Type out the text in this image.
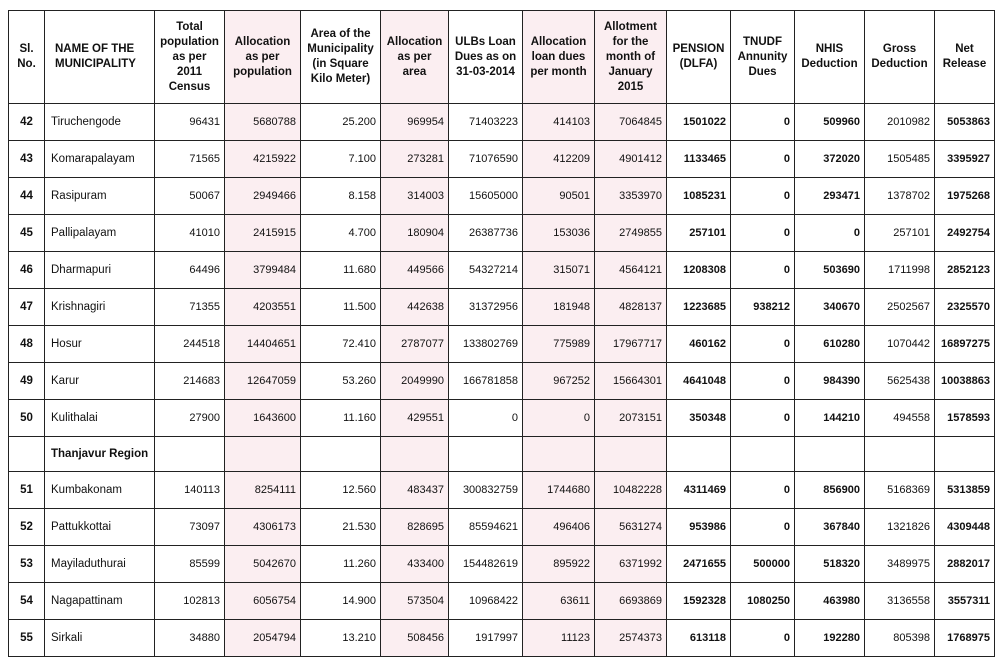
Sl. No.	NAME OF THE MUNICIPALITY	Total population as per 2011 Census	Allocation as per population	Area of the Municipality (in Square Kilo Meter)	Allocation as per area	ULBs Loan Dues as on 31-03-2014	Allocation loan dues per month	Allotment for the month of January 2015	PENSION (DLFA)	TNUDF Annunity Dues	NHIS Deduction	Gross Deduction	Net Release
42	Tiruchengode	96431	5680788	25.200	969954	71403223	414103	7064845	1501022	0	509960	2010982	5053863
43	Komarapalayam	71565	4215922	7.100	273281	71076590	412209	4901412	1133465	0	372020	1505485	3395927
44	Rasipuram	50067	2949466	8.158	314003	15605000	90501	3353970	1085231	0	293471	1378702	1975268
45	Pallipalayam	41010	2415915	4.700	180904	26387736	153036	2749855	257101	0	0	257101	2492754
46	Dharmapuri	64496	3799484	11.680	449566	54327214	315071	4564121	1208308	0	503690	1711998	2852123
47	Krishnagiri	71355	4203551	11.500	442638	31372956	181948	4828137	1223685	938212	340670	2502567	2325570
48	Hosur	244518	14404651	72.410	2787077	133802769	775989	17967717	460162	0	610280	1070442	16897275
49	Karur	214683	12647059	53.260	2049990	166781858	967252	15664301	4641048	0	984390	5625438	10038863
50	Kulithalai	27900	1643600	11.160	429551	0	0	2073151	350348	0	144210	494558	1578593
	Thanjavur Region												
51	Kumbakonam	140113	8254111	12.560	483437	300832759	1744680	10482228	4311469	0	856900	5168369	5313859
52	Pattukkottai	73097	4306173	21.530	828695	85594621	496406	5631274	953986	0	367840	1321826	4309448
53	Mayiladuthurai	85599	5042670	11.260	433400	154482619	895922	6371992	2471655	500000	518320	3489975	2882017
54	Nagapattinam	102813	6056754	14.900	573504	10968422	63611	6693869	1592328	1080250	463980	3136558	3557311
55	Sirkali	34880	2054794	13.210	508456	1917997	11123	2574373	613118	0	192280	805398	1768975
